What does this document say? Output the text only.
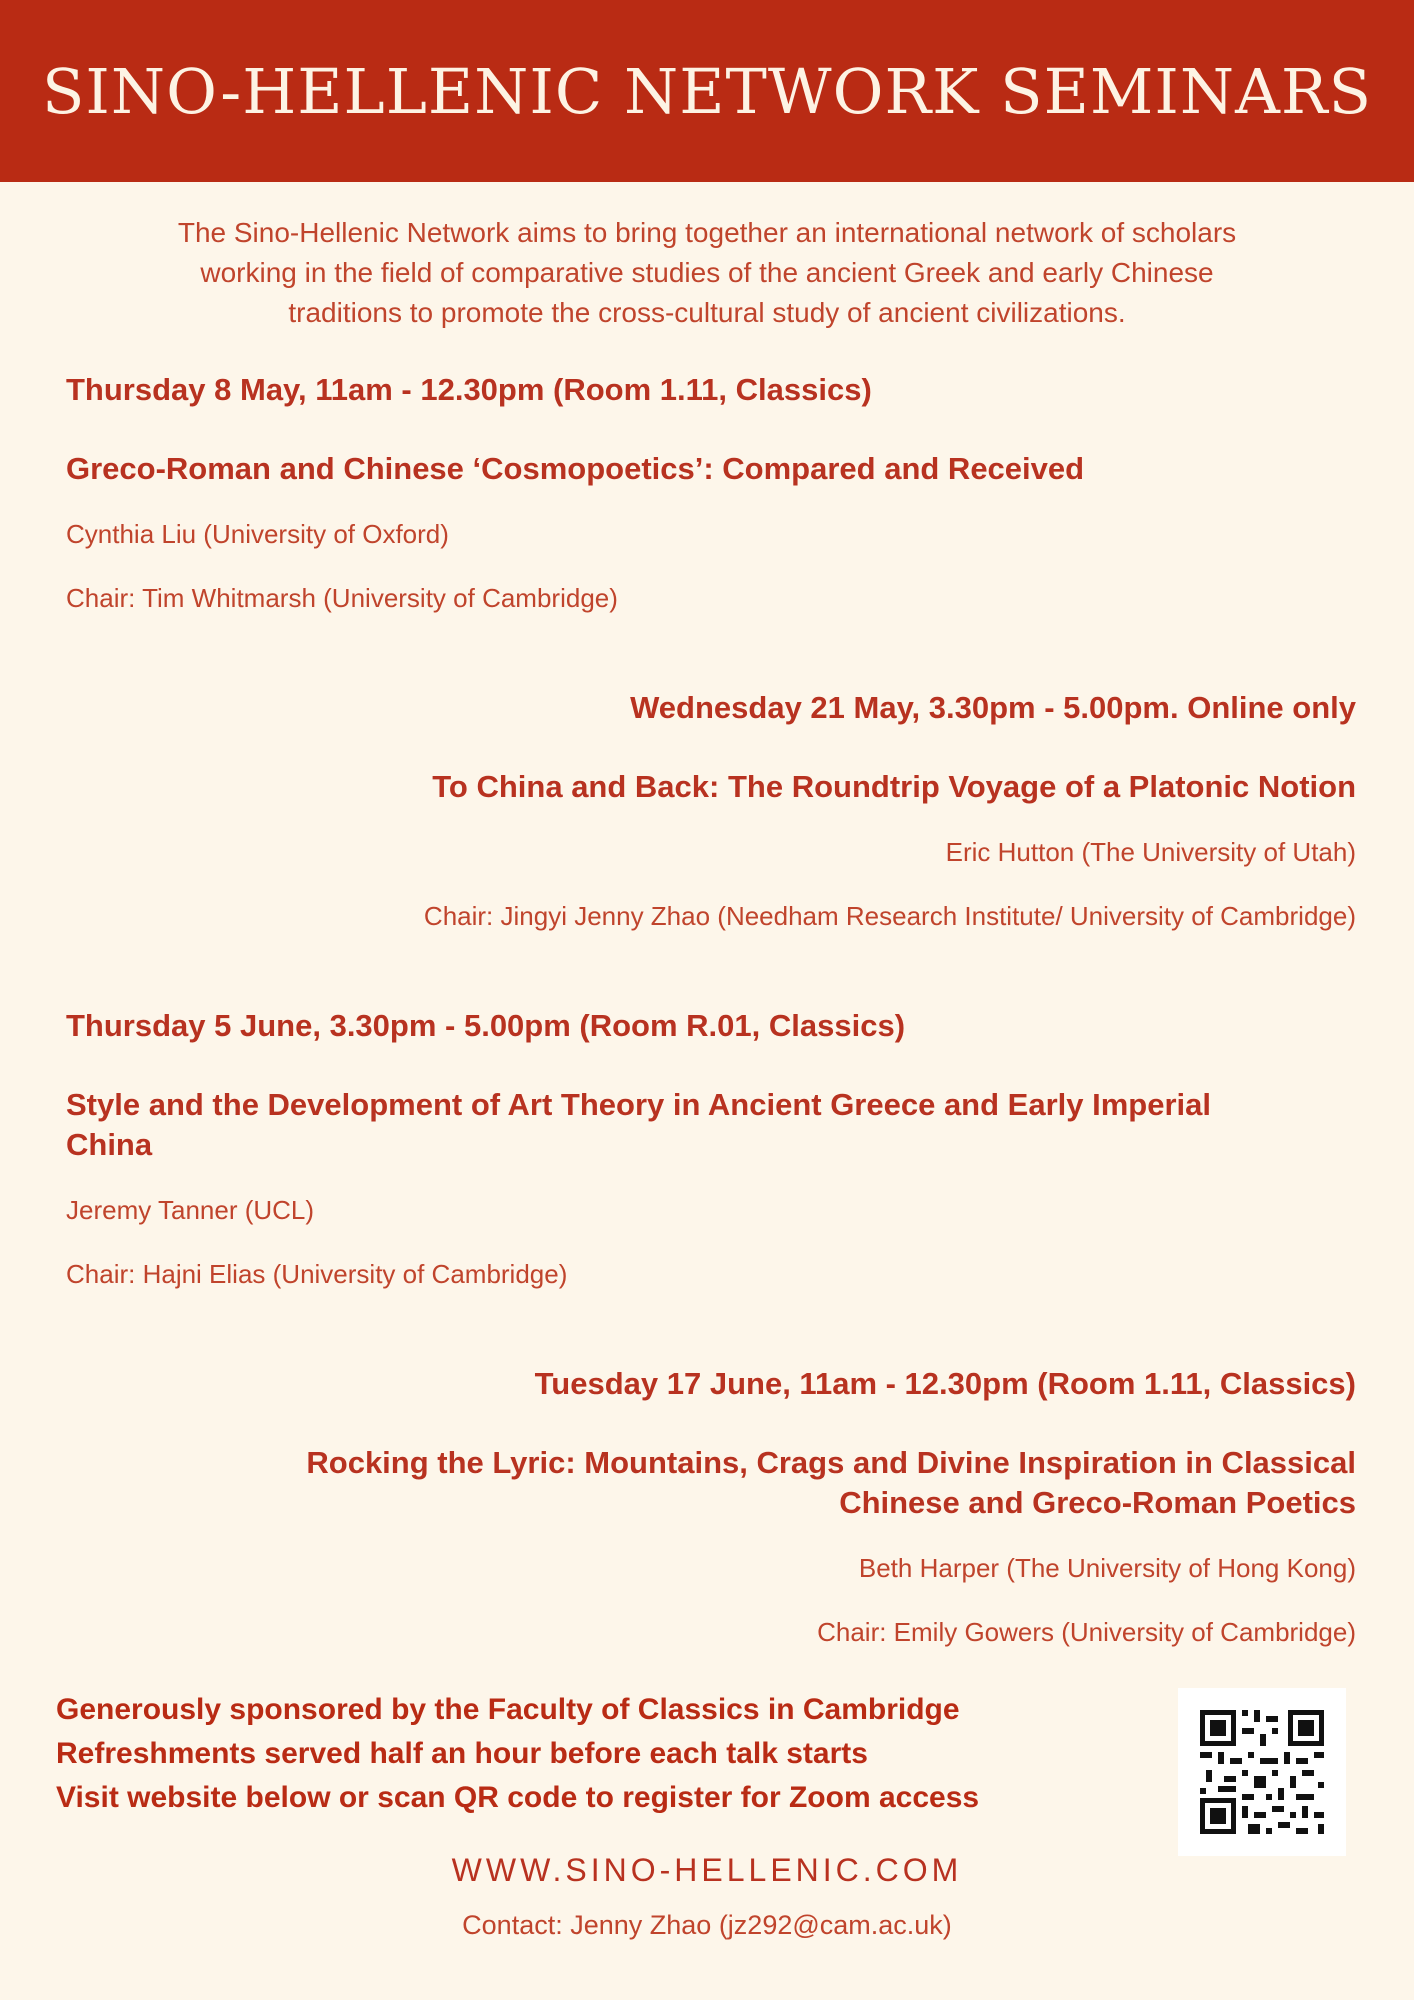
SINO-HELLENIC NETWORK SEMINARS
The Sino-Hellenic Network aims to bring together an international network of scholars
working in the field of comparative studies of the ancient Greek and early Chinese
traditions to promote the cross-cultural study of ancient civilizations.
Thursday 8 May, 11am - 12.30pm (Room 1.11, Classics)
Greco-Roman and Chinese ‘Cosmopoetics’: Compared and Received
Cynthia Liu (University of Oxford)
Chair: Tim Whitmarsh (University of Cambridge)
Wednesday 21 May, 3.30pm - 5.00pm. Online only
To China and Back: The Roundtrip Voyage of a Platonic Notion
Eric Hutton (The University of Utah)
Chair: Jingyi Jenny Zhao (Needham Research Institute/ University of Cambridge)
Thursday 5 June, 3.30pm - 5.00pm (Room R.01, Classics)
Style and the Development of Art Theory in Ancient Greece and Early Imperial
China
Jeremy Tanner (UCL)
Chair: Hajni Elias (University of Cambridge)
Tuesday 17 June, 11am - 12.30pm (Room 1.11, Classics)
Rocking the Lyric: Mountains, Crags and Divine Inspiration in Classical
Chinese and Greco-Roman Poetics
Beth Harper (The University of Hong Kong)
Chair: Emily Gowers (University of Cambridge)
Generously sponsored by the Faculty of Classics in Cambridge
Refreshments served half an hour before each talk starts
Visit website below or scan QR code to register for Zoom access
WWW.SINO-HELLENIC.COM
Contact: Jenny Zhao (jz292@cam.ac.uk)
